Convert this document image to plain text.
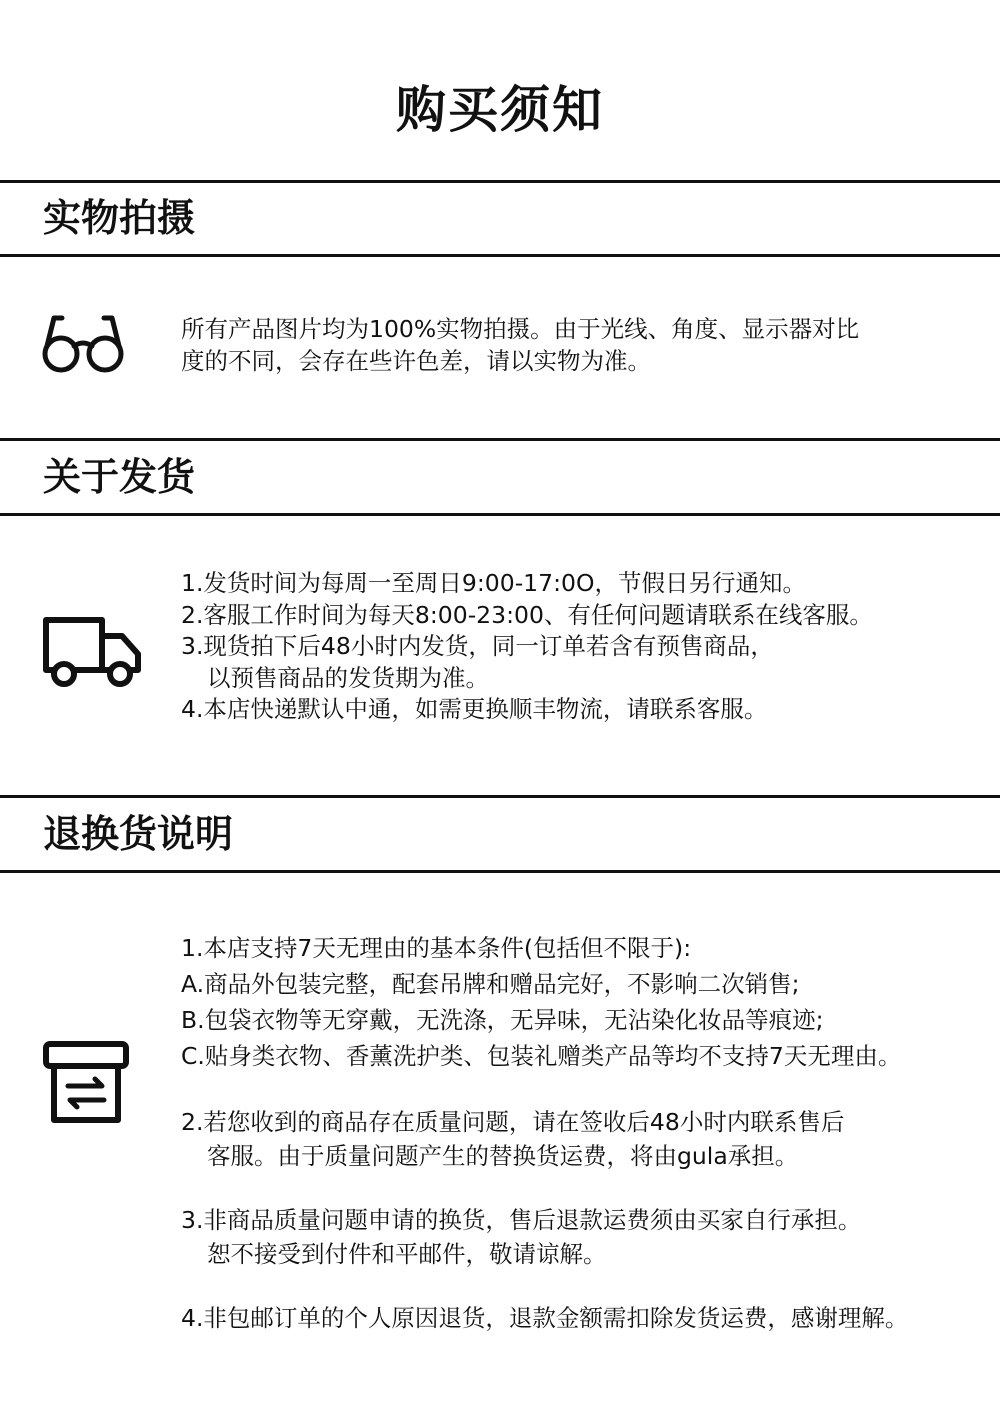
购买须知
实物拍摄
所有产品图片均为100%实物拍摄。由于光线、角度、显示器对比
度的不同，会存在些许色差，请以实物为准。
关于发货
1.发货时间为每周一至周日9:00-17:0O，节假日另行通知。
2.客服工作时间为每天8:00-23:00、有任何问题请联系在线客服。
3.现货拍下后48小时内发货，同一订单若含有预售商品，
以预售商品的发货期为准。
4.本店快递默认中通，如需更换顺丰物流，请联系客服。
退换货说明
1.本店支持7天无理由的基本条件(包括但不限于):
A.商品外包装完整，配套吊牌和赠品完好，不影响二次销售;
B.包袋衣物等无穿戴，无洗涤，无异味，无沾染化妆品等痕迹;
C.贴身类衣物、香薰洗护类、包装礼赠类产品等均不支持7天无理由。
2.若您收到的商品存在质量问题，请在签收后48小时内联系售后
客服。由于质量问题产生的替换货运费，将由gula承担。
3.非商品质量问题申请的换货，售后退款运费须由买家自行承担。
恕不接受到付件和平邮件，敬请谅解。
4.非包邮订单的个人原因退货，退款金额需扣除发货运费，感谢理解。
